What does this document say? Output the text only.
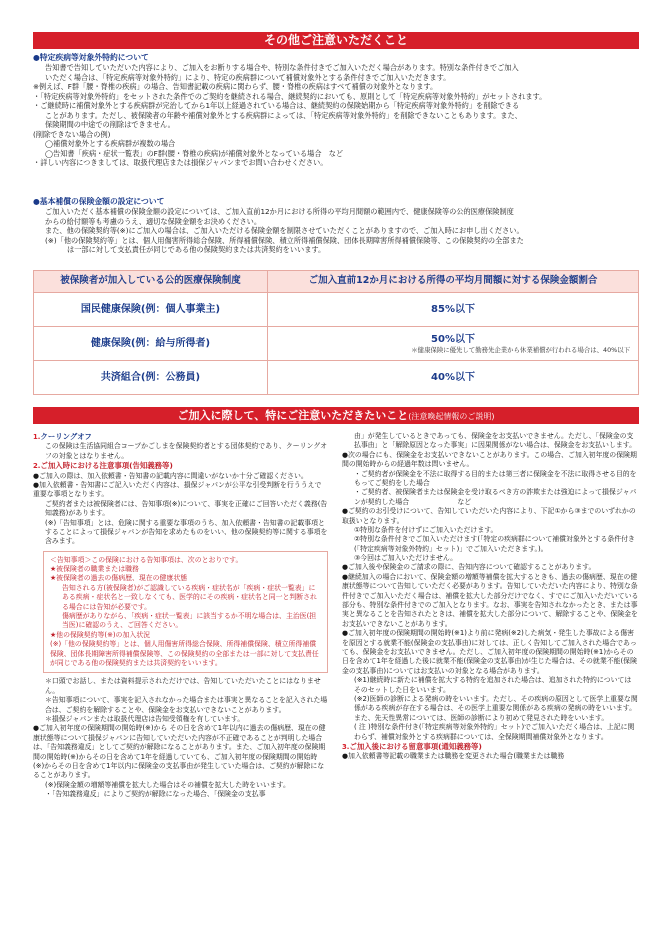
その他ご注意いただくこと
●特定疾病等対象外特約について
告知書で告知していただいた内容により、ご加入をお断りする場合や、特別な条件付きでご加入いただく場合があります。特別な条件付きでご加入
いただく場合は、「特定疾病等対象外特約」により、特定の疾病群について補償対象外とする条件付きでご加入いただきます。
※例えば、F群「腰・脊椎の疾病」の場合、告知書記載の疾病に関わらず、腰・脊椎の疾病はすべて補償の対象外となります。
・「特定疾病等対象外特約」をセットされた条件でのご契約を継続される場合、継続契約においても、原則として「特定疾病等対象外特約」がセットされます。
・ご継続時に補償対象外とする疾病群が完治してから1年以上経過されている場合は、継続契約の保険始期から「特定疾病等対象外特約」を削除できる
ことがあります。ただし、被保険者の年齢や補償対象外とする疾病群によっては、「特定疾病等対象外特約」を削除できないこともあります。また、
保険期間の中途での削除はできません。
(削除できない場合の例)
◯補償対象外とする疾病群が複数の場合
◯告知書「疾病・症状一覧表」のF群(腰・脊椎の疾病)が補償対象外となっている場合　など
・詳しい内容につきましては、取扱代理店または損保ジャパンまでお問い合わせください。
●基本補償の保険金額の設定について
ご加入いただく基本補償の保険金額の設定については、ご加入直前12か月における所得の平均月間額の範囲内で、健康保険等の公的医療保険制度
からの給付額等も考慮のうえ、適切な保険金額をお決めください。
また、他の保険契約等(※)にご加入の場合は、ご加入いただける保険金額を制限させていただくことがありますので、ご加入時にお申し出ください。
(※)「他の保険契約等」とは、個人用傷害所得総合保険、所得補償保険、積立所得補償保険、団体長期障害所得補償保険等、この保険契約の全部また
は一部に対して支払責任が同じである他の保険契約または共済契約をいいます。
被保険者が加入している公的医療保険制度	ご加入直前12か月における所得の平均月間額に対する保険金額割合
国民健康保険(例：個人事業主)	85%以下
健康保険(例：給与所得者)	50%以下
＊健康保険に優先して勤務先企業から休業補償が行われる場合は、40%以下

共済組合(例：公務員)	40%以下
ご加入に際して、特にご注意いただきたいこと(注意喚起情報のご説明)
1.クーリングオフ
この保険は生活協同組合コープかごしまを保険契約者とする団体契約であり、クーリングオフの対象とはなりません。
2.ご加入時における注意事項(告知義務等)
●ご加入の際は、加入依頼書・告知書の記載内容に間違いがないか十分ご確認ください。
●加入依頼書・告知書にご記入いただく内容は、損保ジャパンが公平な引受判断を行ううえで重要な事項となります。
ご契約者または被保険者には、告知事項(※)について、事実を正確にご回答いただく義務(告知義務)があります。
(※)「告知事項」とは、危険に関する重要な事項のうち、加入依頼書・告知書の記載事項とすることによって損保ジャパンが告知を求めたものをいい、他の保険契約等に関する事項を含みます。
＜告知事項＞この保険における告知事項は、次のとおりです。
★被保険者の職業または職務
★被保険者の過去の傷病歴、現在の健康状態
告知される方(被保険者)がご認識している疾病・症状名が「疾病・症状一覧表」にある疾病・症状名と一致しなくても、医学的にその疾病・症状名と同一と判断される場合には告知が必要です。
傷病歴がありながら、「疾病・症状一覧表」に該当するか不明な場合は、主治医(担当医)に確認のうえ、ご回答ください。
★他の保険契約等(※)の加入状況
(※)「他の保険契約等」とは、個人用傷害所得総合保険、所得補償保険、積立所得補償保険、団体長期障害所得補償保険等、この保険契約の全部または一部に対して支払責任が同じである他の保険契約または共済契約をいいます。
＊口頭でお話し、または資料提示されただけでは、告知していただいたことにはなりません。
＊告知事項について、事実を記入されなかった場合または事実と異なることを記入された場合は、ご契約を解除することや、保険金をお支払いできないことがあります。
＊損保ジャパンまたは取扱代理店は告知受領権を有しています。
●ご加入初年度の保険期間の開始時(※)から その日を含めて1年以内に過去の傷病歴、現在の健康状態等について損保ジャパンに告知していただいた内容が不正確であることが判明した場合は、「告知義務違反」としてご契約が解除になることがあります。また、ご加入初年度の保険期間の開始時(※)からその日を含めて1年を経過していても、ご加入初年度の保険期間の開始時(※)からその日を含めて1年以内に保険金の支払事由が発生していた場合は、ご契約が解除になることがあります。
(※)保険金額の増額等補償を拡大した場合はその補償を拡大した時をいいます。
・「告知義務違反」によりご契約が解除になった場合、「保険金の支払事
由」が発生しているときであっても、保険金をお支払いできません。ただし、「保険金の支払事由」と「解除原因となった事実」に因果関係がない場合は、保険金をお支払いします。
●次の場合にも、保険金をお支払いできないことがあります。この場合、ご加入初年度の保険期間の開始時からの経過年数は問いません。
・ご契約者が保険金を不法に取得する目的または第三者に保険金を不法に取得させる目的をもってご契約をした場合
・ご契約者、被保険者または保険金を受け取るべき方の詐欺または強迫によって損保ジャパンが契約した場合　　　　　　　など
●ご契約のお引受けについて、告知していただいた内容により、下記①から③までのいずれかの取扱いとなります。
①特別な条件を付けずにご加入いただけます。
②特別な条件付きでご加入いただけます(「特定の疾病群について補償対象外とする条件付き(「特定疾病等対象外特約」セット)」でご加入いただきます。)。
③今回はご加入いただけません。
●ご加入後や保険金のご請求の際に、告知内容について確認することがあります。
●継続加入の場合において、保険金額の増額等補償を拡大するときも、過去の傷病歴、現在の健康状態等について告知していただく必要があります。告知していただいた内容により、特別な条件付きでご加入いただく場合は、補償を拡大した部分だけでなく、すでにご加入いただいている部分も、特別な条件付きでのご加入となります。なお、事実を告知されなかったとき、または事実と異なることを告知されたときは、補償を拡大した部分について、解除することや、保険金をお支払いできないことがあります。
●ご加入初年度の保険期間の開始時(※1)より前に発病(※2)した病気・発生した事故による傷害を原因とする就業不能(保険金の支払事由)に対しては、正しく告知してご加入された場合であっても、保険金をお支払いできません。ただし、ご加入初年度の保険期間の開始時(※1)からその日を含めて1年を経過した後に就業不能(保険金の支払事由)が生じた場合は、その就業不能(保険金の支払事由)についてはお支払いの対象となる場合があります。
(※1)継続時に新たに補償を拡大する特約を追加された場合は、追加された特約については そのセットした日をいいます。
(※2)医師の診断による発病の時をいいます。ただし、その疾病の原因として医学上重要な関係がある疾病が存在する場合は、その医学上重要な関係がある疾病の発病の時をいいます。また、先天性異常については、医師の診断により初めて発見された時をいいます。
( 注 )特別な条件付き(「特定疾病等対象外特約」セット)でご加入いただく場合は、上記に関わらず、補償対象外とする疾病群については、全保険期間補償対象外となります。
3.ご加入後における留意事項(通知義務等)
●加入依頼書等記載の職業または職務を変更された場合(職業または職務
